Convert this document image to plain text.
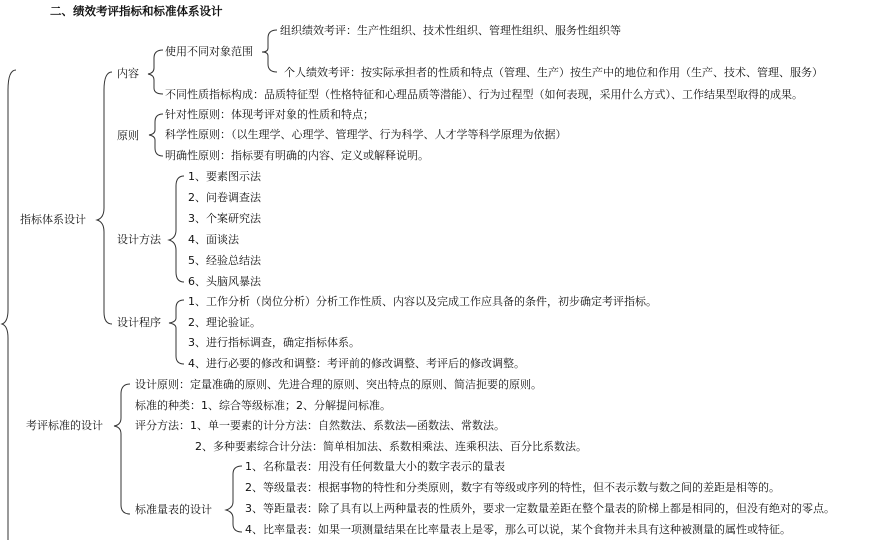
二、绩效考评指标和标准体系设计
指标体系设计
考评标准的设计
内容
使用不同对象范围
组织绩效考评：生产性组织、技术性组织、管理性组织、服务性组织等
个人绩效考评：按实际承担者的性质和特点（管理、生产）按生产中的地位和作用（生产、技术、管理、服务）
不同性质指标构成：品质特征型（性格特征和心理品质等潜能）、行为过程型（如何表现，采用什么方式）、工作结果型取得的成果。
原则
针对性原则：体现考评对象的性质和特点；
科学性原则：（以生理学、心理学、管理学、行为科学、人才学等科学原理为依据）
明确性原则：指标要有明确的内容、定义或解释说明。
设计方法
1、要素图示法
2、问卷调查法
3、个案研究法
4、面谈法
5、经验总结法
6、头脑风暴法
设计程序
1、工作分析（岗位分析）分析工作性质、内容以及完成工作应具备的条件，初步确定考评指标。
2、理论验证。
3、进行指标调查，确定指标体系。
4、进行必要的修改和调整：考评前的修改调整、考评后的修改调整。
设计原则：定量准确的原则、先进合理的原则、突出特点的原则、简洁扼要的原则。
标准的种类：1、综合等级标准；2、分解提问标准。
评分方法：1、单一要素的计分方法：自然数法、系数法—函数法、常数法。
2、多种要素综合计分法：简单相加法、系数相乘法、连乘积法、百分比系数法。
标准量表的设计
1、名称量表：用没有任何数量大小的数字表示的量表
2、等级量表：根据事物的特性和分类原则，数字有等级或序列的特性，但不表示数与数之间的差距是相等的。
3、等距量表：除了具有以上两种量表的性质外，要求一定数量差距在整个量表的阶梯上都是相同的，但没有绝对的零点。
4、比率量表：如果一项测量结果在比率量表上是零，那么可以说，某个食物并未具有这种被测量的属性或特征。
